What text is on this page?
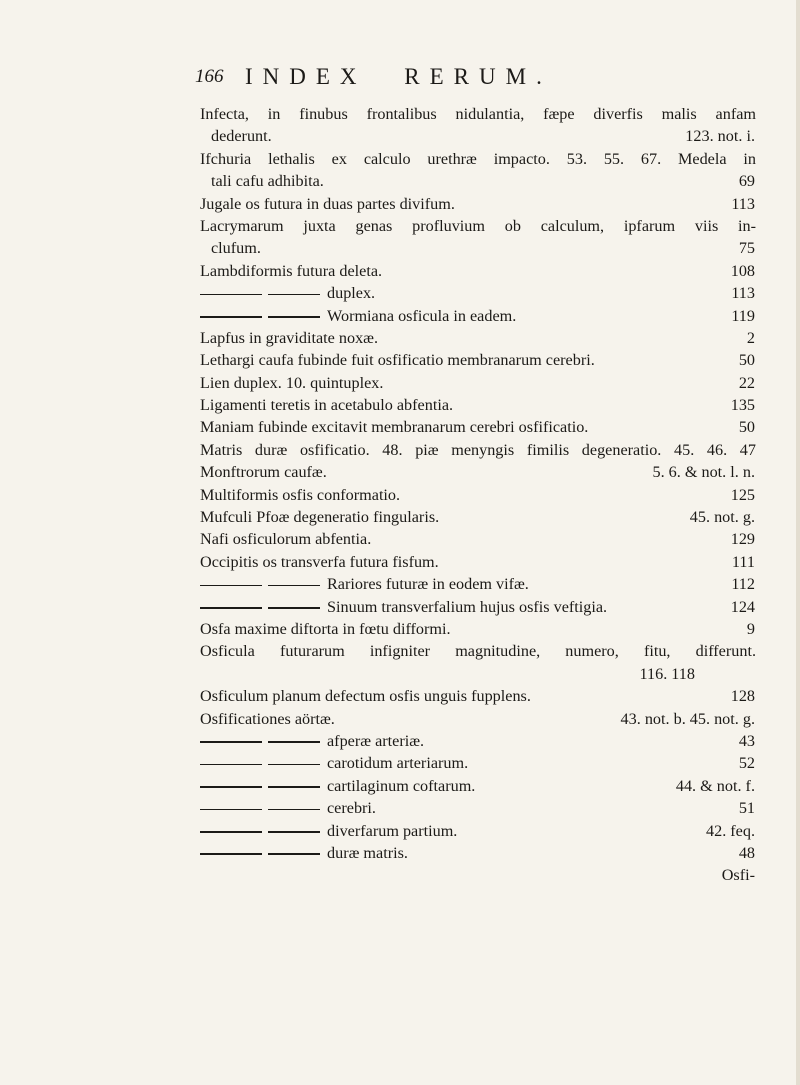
166 INDEX RERUM.
Infecta, in finubus frontalibus nidulantia, fæpe diverfis malis anfam
dederunt.	123. not. i.
Ifchuria lethalis ex calculo urethræ impacto. 53. 55. 67. Medela in
tali cafu adhibita.	69
Jugale os futura in duas partes divifum.	113
Lacrymarum juxta genas profluvium ob calculum, ipfarum viis in-
clufum.	75
Lambdiformis futura deleta.	108
duplex.	113
Wormiana osficula in eadem.	119
Lapfus in graviditate noxæ.	2
Lethargi caufa fubinde fuit osfificatio membranarum cerebri.	50
Lien duplex. 10. quintuplex.	22
Ligamenti teretis in acetabulo abfentia.	135
Maniam fubinde excitavit membranarum cerebri osfificatio.	50
Matris duræ osfificatio. 48. piæ menyngis fimilis degeneratio. 45. 46. 47
Monftrorum caufæ.	5. 6. & not. l. n.
Multiformis osfis conformatio.	125
Mufculi Pfoæ degeneratio fingularis.	45. not. g.
Nafi osficulorum abfentia.	129
Occipitis os transverfa futura fisfum.	111
Rariores futuræ in eodem vifæ.	112
Sinuum transverfalium hujus osfis veftigia.	124
Osfa maxime diftorta in fœtu difformi.	9
Osficula futurarum infigniter magnitudine, numero, fitu, differunt.
116. 118
Osficulum planum defectum osfis unguis fupplens.	128
Osfificationes aörtæ.	43. not. b. 45. not. g.
afperæ arteriæ.	43
carotidum arteriarum.	52
cartilaginum coftarum.	44. & not. f.
cerebri.	51
diverfarum partium.	42. feq.
duræ matris.	48
Osfi-
